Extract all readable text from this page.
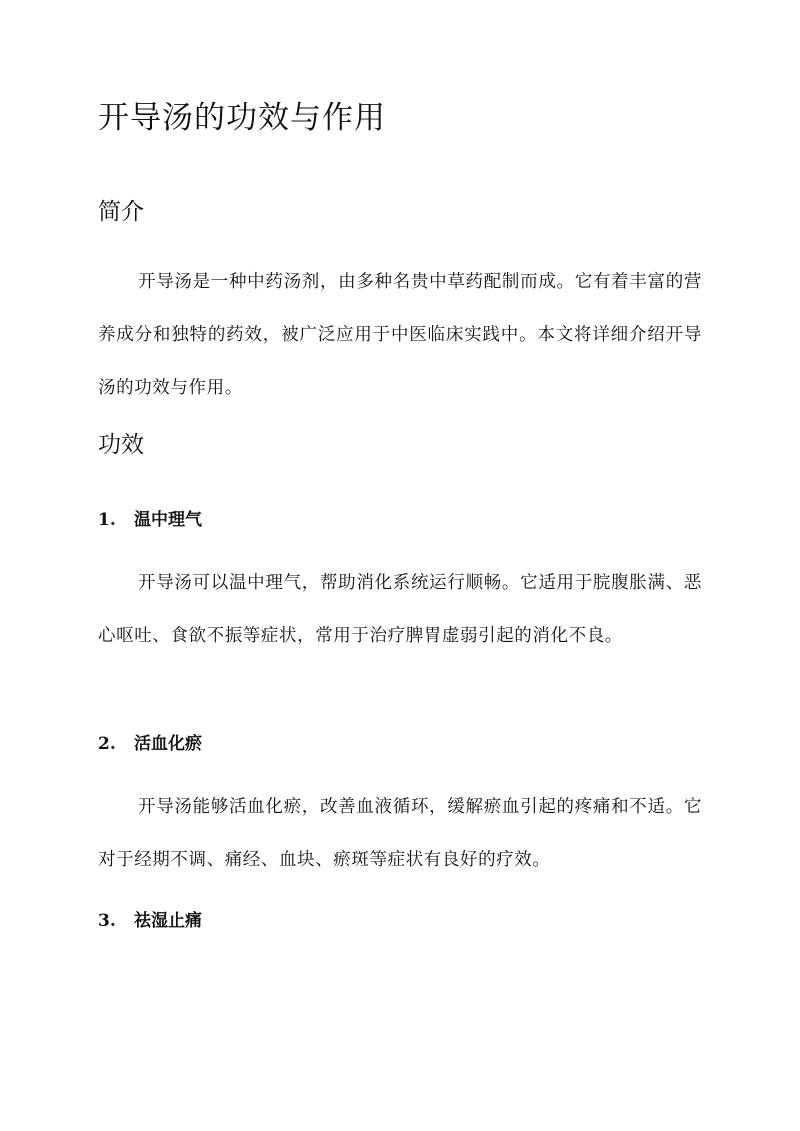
开导汤的功效与作用
简介

开导汤是一种中药汤剂，由多种名贵中草药配制而成。它有着丰富的营养成分和独特的药效，被广泛应用于中医临床实践中。本文将详细介绍开导汤的功效与作用。

功效
1. 温中理气

开导汤可以温中理气，帮助消化系统运行顺畅。它适用于脘腹胀满、恶心呕吐、食欲不振等症状，常用于治疗脾胃虚弱引起的消化不良。

2. 活血化瘀

开导汤能够活血化瘀，改善血液循环，缓解瘀血引起的疼痛和不适。它对于经期不调、痛经、血块、瘀斑等症状有良好的疗效。

3. 祛湿止痛
